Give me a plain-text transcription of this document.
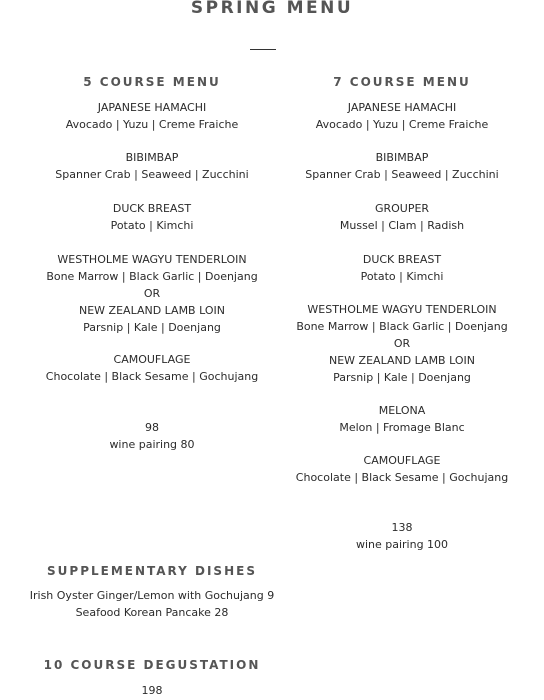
SPRING MENU
5 COURSE MENU
JAPANESE HAMACHI
Avocado | Yuzu | Creme Fraiche
BIBIMBAP
Spanner Crab | Seaweed | Zucchini
DUCK BREAST
Potato | Kimchi
WESTHOLME WAGYU TENDERLOIN
Bone Marrow | Black Garlic | Doenjang
OR
NEW ZEALAND LAMB LOIN
Parsnip | Kale | Doenjang
CAMOUFLAGE
Chocolate | Black Sesame | Gochujang
98
wine pairing 80
7 COURSE MENU
JAPANESE HAMACHI
Avocado | Yuzu | Creme Fraiche
BIBIMBAP
Spanner Crab | Seaweed | Zucchini
GROUPER
Mussel | Clam | Radish
DUCK BREAST
Potato | Kimchi
WESTHOLME WAGYU TENDERLOIN
Bone Marrow | Black Garlic | Doenjang
OR
NEW ZEALAND LAMB LOIN
Parsnip | Kale | Doenjang
MELONA
Melon | Fromage Blanc
CAMOUFLAGE
Chocolate | Black Sesame | Gochujang
138
wine pairing 100
SUPPLEMENTARY DISHES
Irish Oyster Ginger/Lemon with Gochujang 9
Seafood Korean Pancake 28
10 COURSE DEGUSTATION
198
